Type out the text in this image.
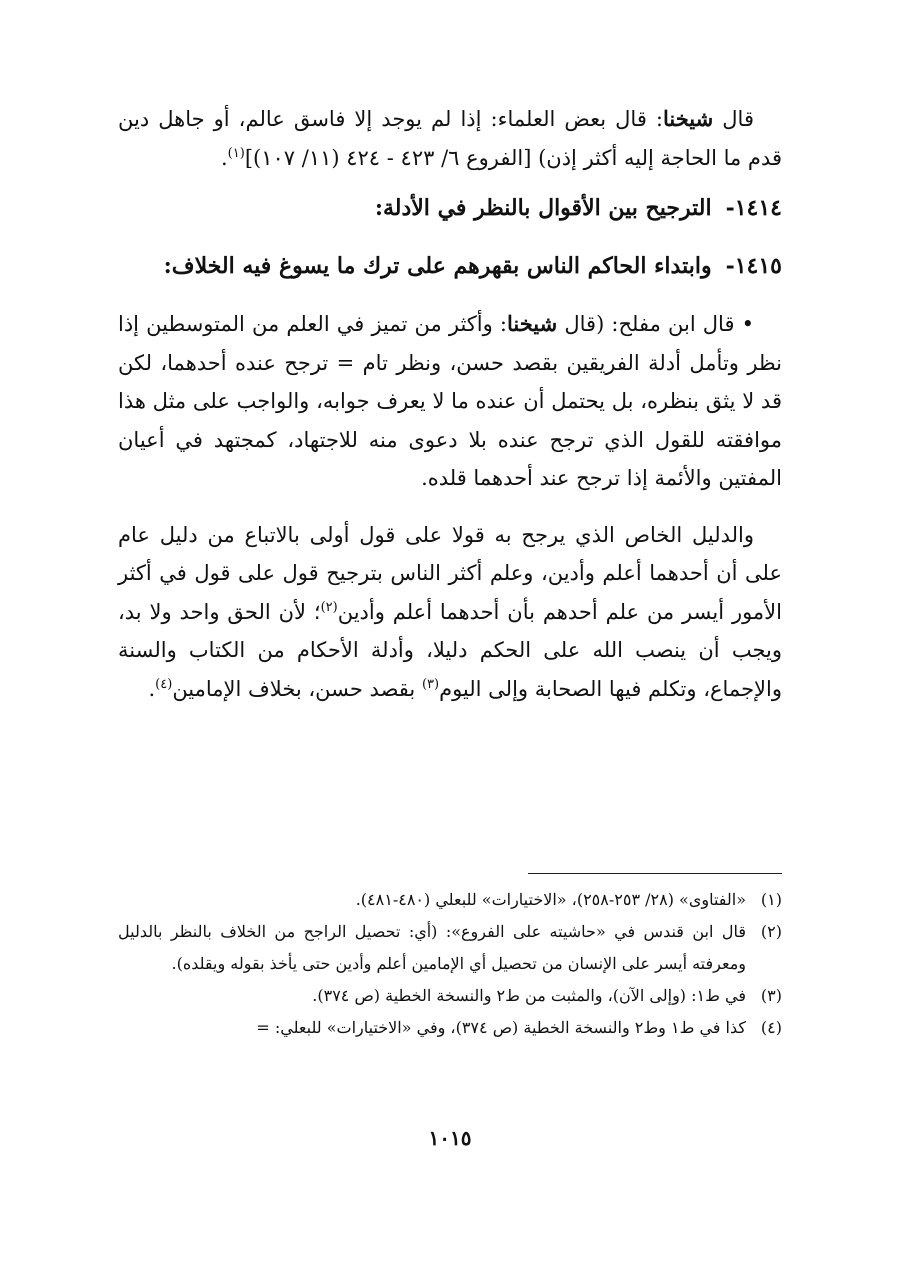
قال شيخنا: قال بعض العلماء: إذا لم يوجد إلا فاسق عالم، أو جاهل دين قدم ما الحاجة إليه أكثر إذن) [الفروع ٦/ ٤٢٣ - ٤٢٤ (١١/ ١٠٧)]$^{(١)}$.

١٤١٤-الترجيح بين الأقوال بالنظر في الأدلة:

١٤١٥-وابتداء الحاكم الناس بقهرهم على ترك ما يسوغ فيه الخلاف:

• قال ابن مفلح: (قال شيخنا: وأكثر من تميز في العلم من المتوسطين إذا نظر وتأمل أدلة الفريقين بقصد حسن، ونظر تام = ترجح عنده أحدهما، لكن قد لا يثق بنظره، بل يحتمل أن عنده ما لا يعرف جوابه، والواجب على مثل هذا موافقته للقول الذي ترجح عنده بلا دعوى منه للاجتهاد، كمجتهد في أعيان المفتين والأئمة إذا ترجح عند أحدهما قلده.

والدليل الخاص الذي يرجح به قولا على قول أولى بالاتباع من دليل عام على أن أحدهما أعلم وأدين، وعلم أكثر الناس بترجيح قول على قول في أكثر الأمور أيسر من علم أحدهم بأن أحدهما أعلم وأدين$^{(٢)}$؛ لأن الحق واحد ولا بد، ويجب أن ينصب الله على الحكم دليلا، وأدلة الأحكام من الكتاب والسنة والإجماع، وتكلم فيها الصحابة وإلى اليوم$^{(٣)}$ بقصد حسن، بخلاف الإمامين$^{(٤)}$.

(١)«الفتاوى» (٢٨/ ٢٥٣-٢٥٨)، «الاختيارات» للبعلي (٤٨٠-٤٨١).

(٢)قال ابن قندس في «حاشيته على الفروع»: (أي: تحصيل الراجح من الخلاف بالنظر بالدليل ومعرفته أيسر على الإنسان من تحصيل أي الإمامين أعلم وأدين حتى يأخذ بقوله ويقلده).

(٣)في ط١: (وإلى الآن)، والمثبت من ط٢ والنسخة الخطية (ص ٣٧٤).

(٤)كذا في ط١ وط٢ والنسخة الخطية (ص ٣٧٤)، وفي «الاختيارات» للبعلي: =

١٠١٥
